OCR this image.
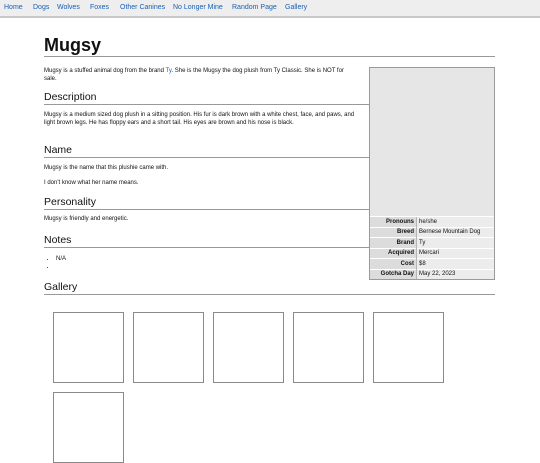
Home Dogs Wolves Foxes Other Canines No Longer Mine Random Page Gallery
Mugsy

Mugsy is a stuffed animal dog from the brand Ty. She is the Mugsy the dog plush from Ty Classic. She is NOT for sale.

Description

Mugsy is a medium sized dog plush in a sitting position. His fur is dark brown with a white chest, face, and paws, and light brown legs. He has floppy ears and a short tail. His eyes are brown and his nose is black.

Name

Mugsy is the name that this plushie came with.

I don't know what her name means.

Personality

Mugsy is friendly and energetic.

Notes
• N/A
•
Gallery
Pronouns	he/she
Breed	Bernese Mountain Dog
Brand	Ty
Acquired	Mercari
Cost	$8
Gotcha Day	May 22, 2023
